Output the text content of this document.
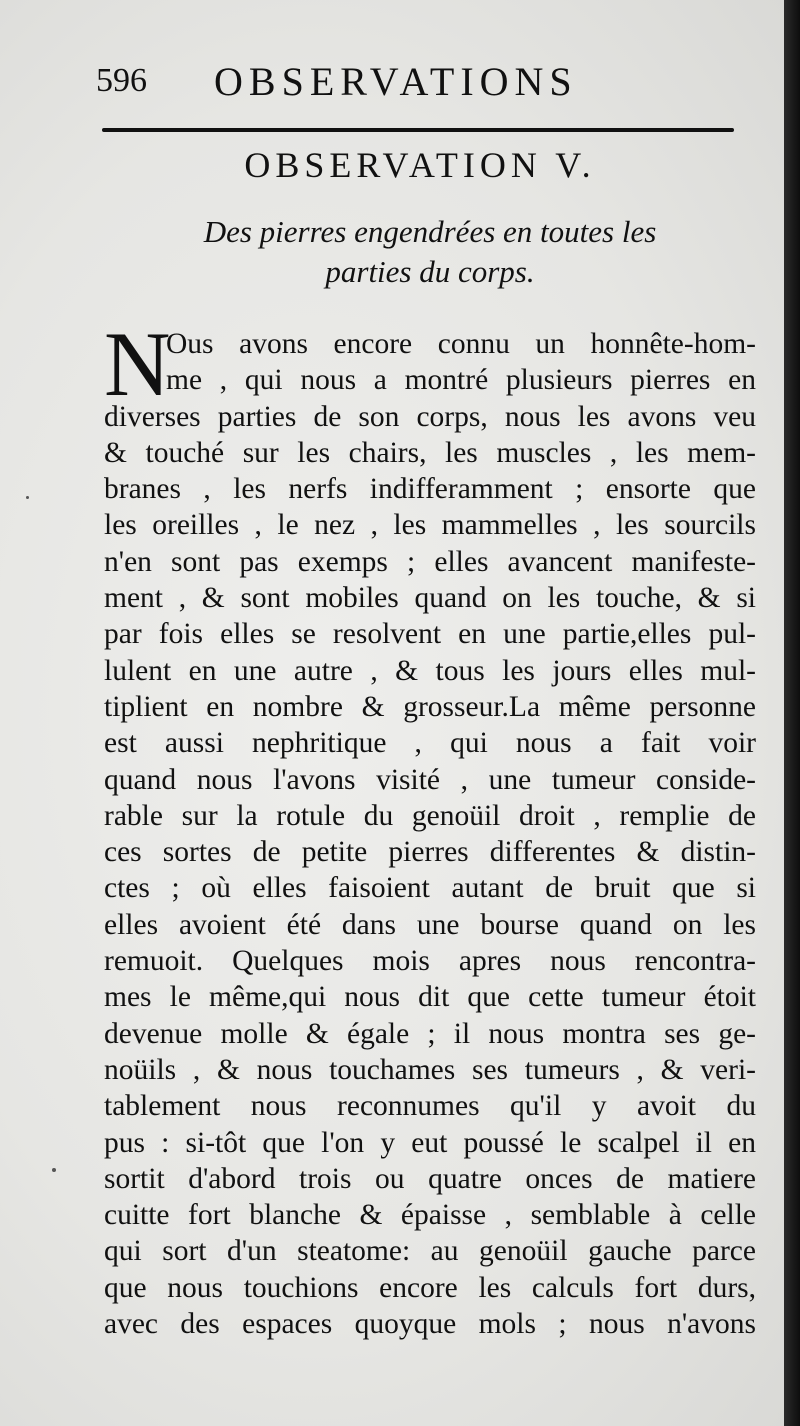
596 OBSERVATIONS
OBSERVATION V.
Des pierres engendrées en toutes les
parties du corps.
N
Ous avons encore connu un honnête-hom-
me , qui nous a montré plusieurs pierres en
diverses parties de son corps, nous les avons veu
& touché sur les chairs, les muscles , les mem-
branes , les nerfs indifferamment ; ensorte que
les oreilles , le nez , les mammelles , les sourcils
n'en sont pas exemps ; elles avancent manifeste-
ment , & sont mobiles quand on les touche, & si
par fois elles se resolvent en une partie,elles pul-
lulent en une autre , & tous les jours elles mul-
tiplient en nombre & grosseur.La même personne
est aussi nephritique , qui nous a fait voir
quand nous l'avons visité , une tumeur conside-
rable sur la rotule du genoüil droit , remplie de
ces sortes de petite pierres differentes & distin-
ctes ; où elles faisoient autant de bruit que si
elles avoient été dans une bourse quand on les
remuoit. Quelques mois apres nous rencontra-
mes le même,qui nous dit que cette tumeur étoit
devenue molle & égale ; il nous montra ses ge-
noüils , & nous touchames ses tumeurs , & veri-
tablement nous reconnumes qu'il y avoit du
pus : si-tôt que l'on y eut poussé le scalpel il en
sortit d'abord trois ou quatre onces de matiere
cuitte fort blanche & épaisse , semblable à celle
qui sort d'un steatome: au genoüil gauche parce
que nous touchions encore les calculs fort durs,
avec des espaces quoyque mols ; nous n'avons
